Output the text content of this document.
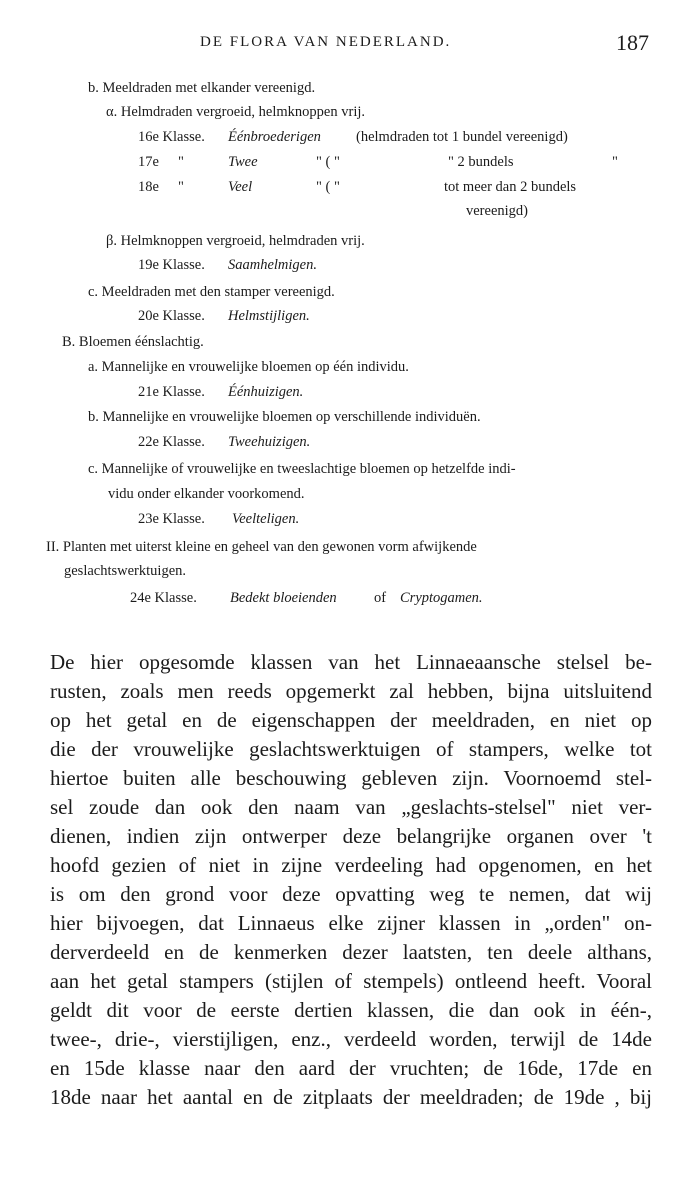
DE FLORA VAN NEDERLAND.	187
b. Meeldraden met elkander vereenigd.
α. Helmdraden vergroeid, helmknoppen vrij.
16e Klasse. Éénbroederigen (helmdraden tot 1 bundel vereenigd)
17e "	Twee	" ( "	" 2 bundels	"
18e "	Veel	" ( "	tot meer dan 2 bundels
vereenigd)
β. Helmknoppen vergroeid, helmdraden vrij.
19e Klasse. Saamhelmigen.
c. Meeldraden met den stamper vereenigd.
20e Klasse. Helmstijligen.
B. Bloemen éénslachtig.
a. Mannelijke en vrouwelijke bloemen op één individu.
21e Klasse. Éénhuizigen.
b. Mannelijke en vrouwelijke bloemen op verschillende individuën.
22e Klasse. Tweehuizigen.
c. Mannelijke of vrouwelijke en tweeslachtige bloemen op hetzelfde indi-
vidu onder elkander voorkomend.
23e Klasse. Veelteligen.
II. Planten met uiterst kleine en geheel van den gewonen vorm afwijkende
geslachtswerktuigen.
24e Klasse. Bedekt bloeienden	of Cryptogamen.
De hier opgesomde klassen van het Linnaeaansche stelsel be-
rusten, zoals men reeds opgemerkt zal hebben, bijna uitsluitend
op het getal en de eigenschappen der meeldraden, en niet op
die der vrouwelijke geslachtswerktuigen of stampers, welke tot
hiertoe buiten alle beschouwing gebleven zijn. Voornoemd stel-
sel zoude dan ook den naam van „geslachts-stelsel" niet ver-
dienen, indien zijn ontwerper deze belangrijke organen over 't
hoofd gezien of niet in zijne verdeeling had opgenomen, en het
is om den grond voor deze opvatting weg te nemen, dat wij
hier bijvoegen, dat Linnaeus elke zijner klassen in „orden" on-
derverdeeld en de kenmerken dezer laatsten, ten deele althans,
aan het getal stampers (stijlen of stempels) ontleend heeft. Vooral
geldt dit voor de eerste dertien klassen, die dan ook in één-,
twee-, drie-, vierstijligen, enz., verdeeld worden, terwijl de 14de
en 15de klasse naar den aard der vruchten; de 16de, 17de en
18de naar het aantal en de zitplaats der meeldraden; de 19de , bij
